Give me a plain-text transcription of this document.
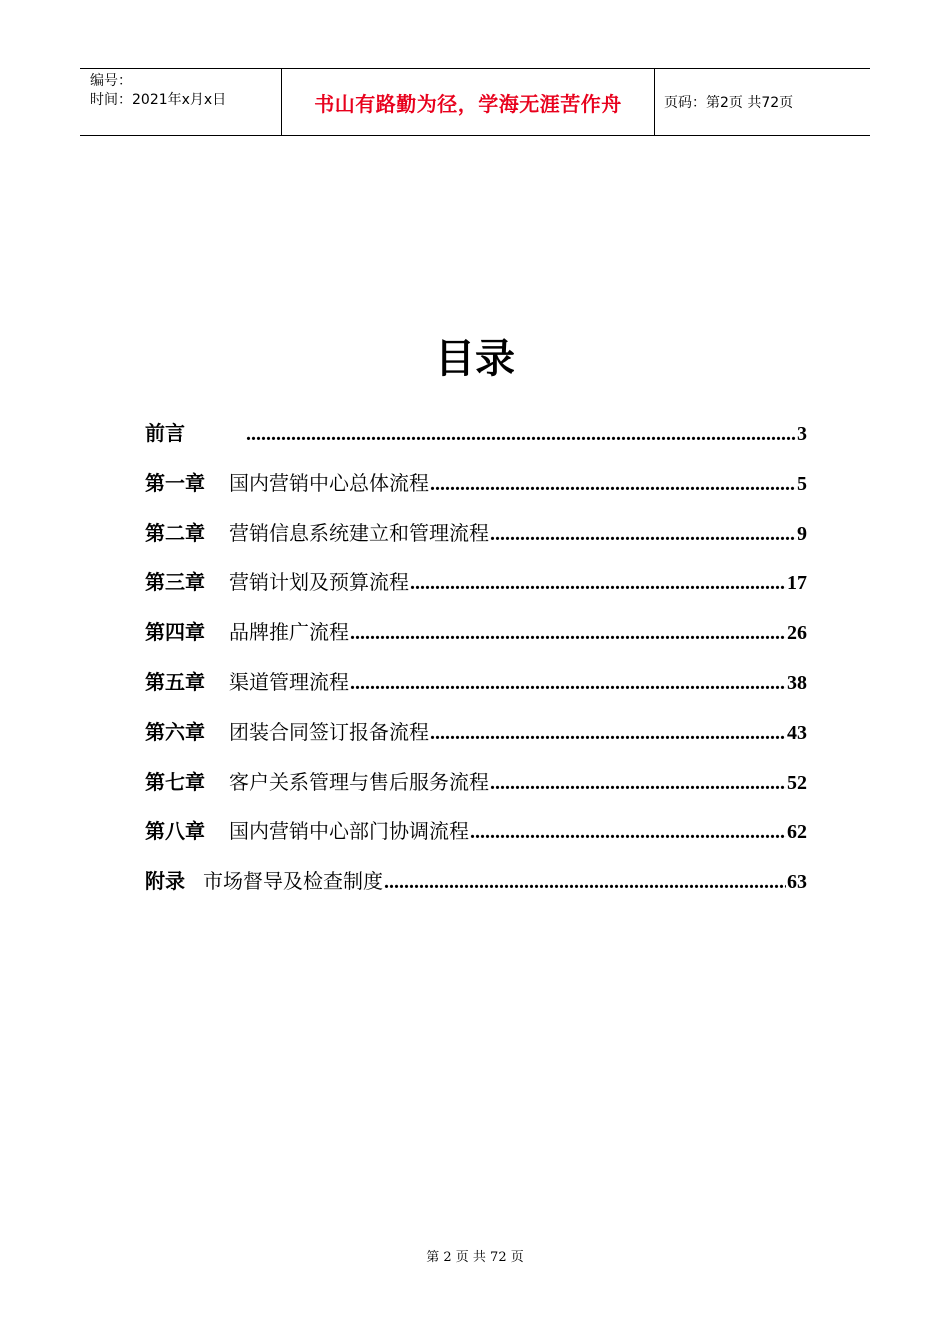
编号：
时间：2021年x月x日	书山有路勤为径，学海无涯苦作舟	页码：第2页 共72页
目录
前言 .....	3
第一章 国内营销中心总体流程 .....	5
第二章 营销信息系统建立和管理流程 .....	9
第三章 营销计划及预算流程 .....	17
第四章 品牌推广流程 .....	26
第五章 渠道管理流程 .....	38
第六章 团装合同签订报备流程 .....	43
第七章 客户关系管理与售后服务流程 .....	52
第八章 国内营销中心部门协调流程 .....	62
附录 市场督导及检查制度 .....	63
第 2 页 共 72 页
